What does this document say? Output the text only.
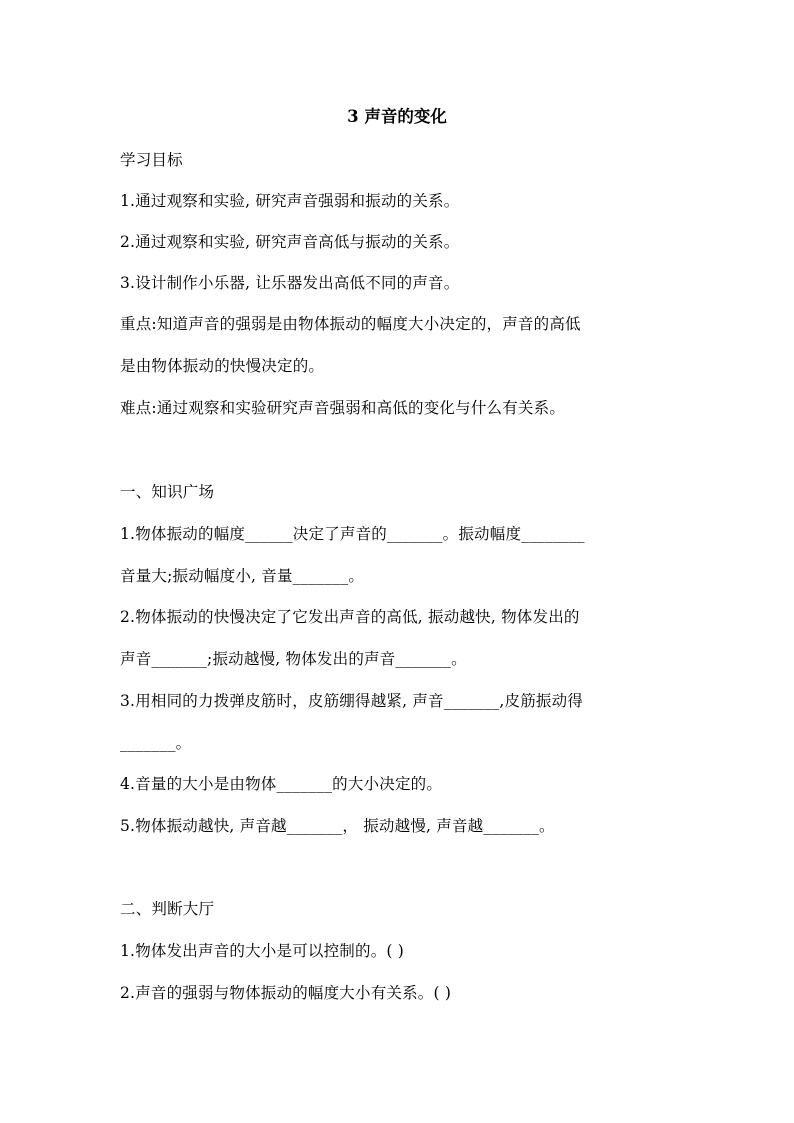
3 声音的变化
学习目标
1.通过观察和实验, 研究声音强弱和振动的关系。
2.通过观察和实验, 研究声音高低与振动的关系。
3.设计制作小乐器, 让乐器发出高低不同的声音。
重点:知道声音的强弱是由物体振动的幅度大小决定的，声音的高低
是由物体振动的快慢决定的。
难点:通过观察和实验研究声音强弱和高低的变化与什么有关系。
一、知识广场
1.物体振动的幅度______决定了声音的_______。振动幅度________
音量大;振动幅度小, 音量_______。
2.物体振动的快慢决定了它发出声音的高低, 振动越快, 物体发出的
声音_______;振动越慢, 物体发出的声音_______。
3.用相同的力拨弹皮筋时，皮筋绷得越紧, 声音_______,皮筋振动得
_______。
4.音量的大小是由物体_______的大小决定的。
5.物体振动越快, 声音越_______， 振动越慢, 声音越_______。
二、判断大厅
1.物体发出声音的大小是可以控制的。( )
2.声音的强弱与物体振动的幅度大小有关系。( )
